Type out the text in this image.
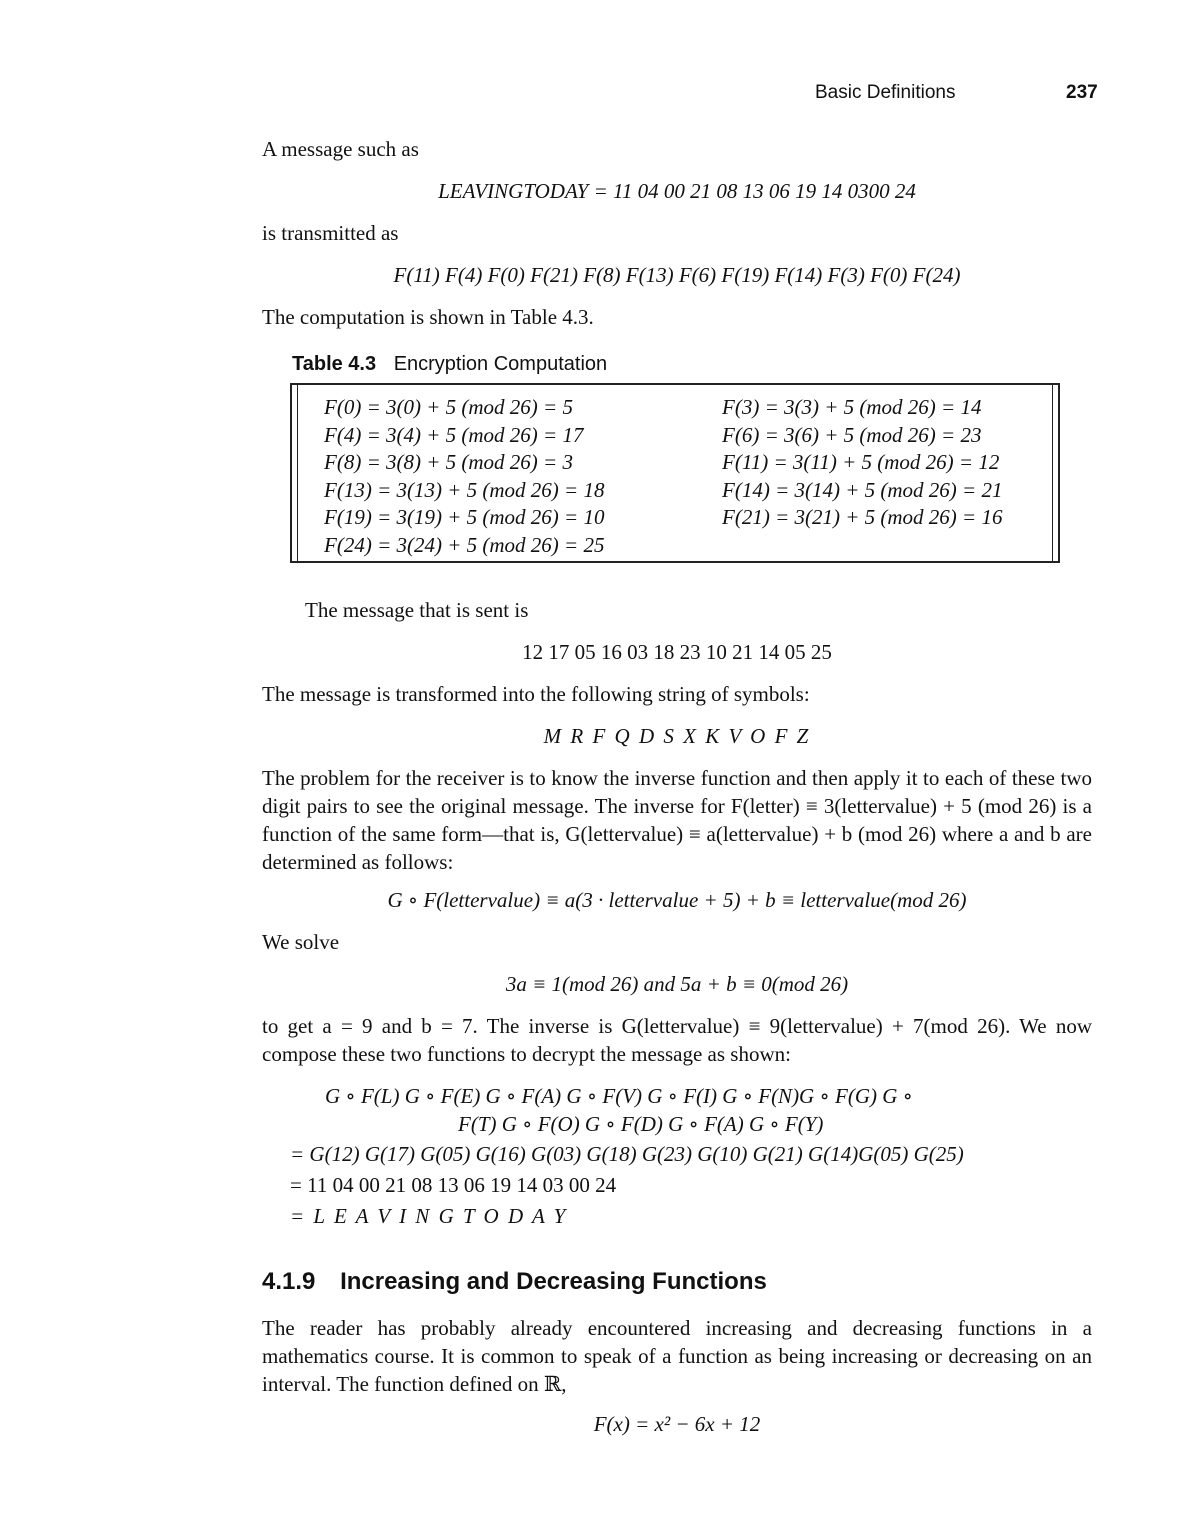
Basic Definitions	237
A message such as
LEAVINGTODAY = 11 04 00 21 08 13 06 19 14 0300 24
is transmitted as
F(11) F(4) F(0) F(21) F(8) F(13) F(6) F(19) F(14) F(3) F(0) F(24)
The computation is shown in Table 4.3.
Table 4.3 Encryption Computation
F(0) = 3(0) + 5 (mod 26) = 5
F(4) = 3(4) + 5 (mod 26) = 17
F(8) = 3(8) + 5 (mod 26) = 3
F(13) = 3(13) + 5 (mod 26) = 18
F(19) = 3(19) + 5 (mod 26) = 10
F(24) = 3(24) + 5 (mod 26) = 25
F(3) = 3(3) + 5 (mod 26) = 14
F(6) = 3(6) + 5 (mod 26) = 23
F(11) = 3(11) + 5 (mod 26) = 12
F(14) = 3(14) + 5 (mod 26) = 21
F(21) = 3(21) + 5 (mod 26) = 16
The message that is sent is
12 17 05 16 03 18 23 10 21 14 05 25
The message is transformed into the following string of symbols:
M R F Q D S X K V O F Z
The problem for the receiver is to know the inverse function and then apply it to each of these two digit pairs to see the original message. The inverse for F(letter) ≡ 3(lettervalue) + 5 (mod 26) is a function of the same form—that is, G(lettervalue) ≡ a(lettervalue) + b (mod 26) where a and b are determined as follows:
G ∘ F(lettervalue) ≡ a(3 · lettervalue + 5) + b ≡ lettervalue(mod 26)
We solve
3a ≡ 1(mod 26) and 5a + b ≡ 0(mod 26)
to get a = 9 and b = 7. The inverse is G(lettervalue) ≡ 9(lettervalue) + 7(mod 26). We now compose these two functions to decrypt the message as shown:
G ∘ F(L) G ∘ F(E) G ∘ F(A) G ∘ F(V) G ∘ F(I) G ∘ F(N)G ∘ F(G) G ∘
F(T) G ∘ F(O) G ∘ F(D) G ∘ F(A) G ∘ F(Y)
= G(12) G(17) G(05) G(16) G(03) G(18) G(23) G(10) G(21) G(14)G(05) G(25)
= 11 04 00 21 08 13 06 19 14 03 00 24
= L E A V I N G T O D A Y
4.1.9 Increasing and Decreasing Functions
The reader has probably already encountered increasing and decreasing functions in a mathematics course. It is common to speak of a function as being increasing or decreasing on an interval. The function defined on ℝ,
F(x) = x² − 6x + 12
